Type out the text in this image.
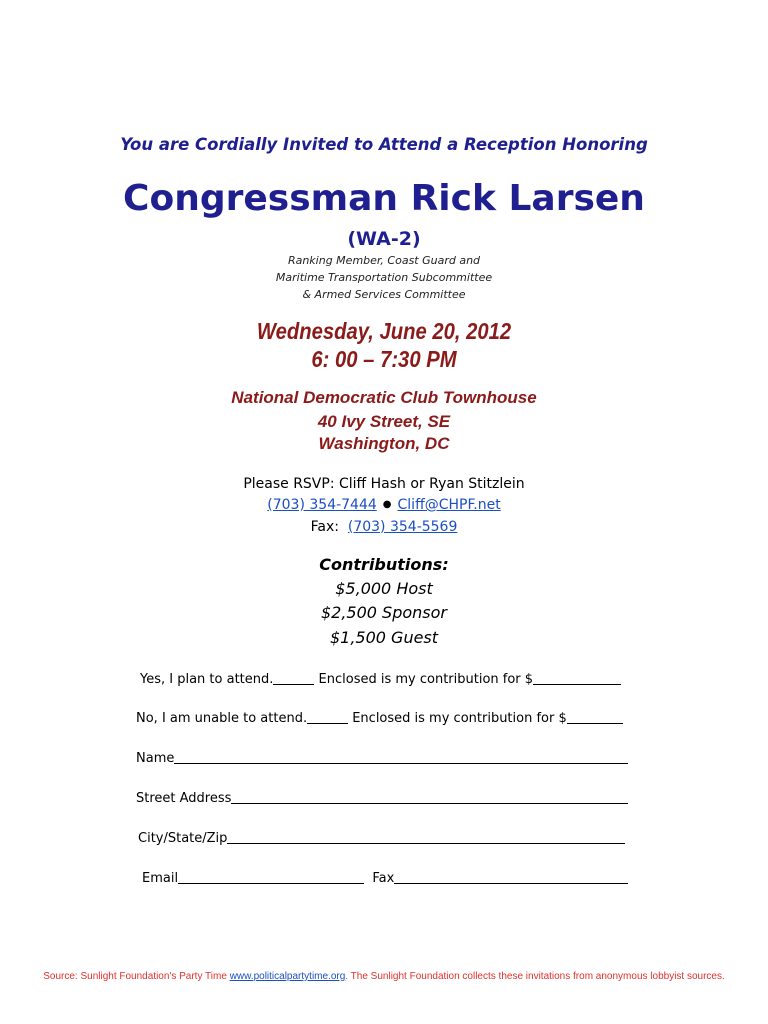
You are Cordially Invited to Attend a Reception Honoring
Congressman Rick Larsen
(WA-2)
Ranking Member, Coast Guard and
Maritime Transportation Subcommittee
& Armed Services Committee
Wednesday, June 20, 2012
6: 00 – 7:30 PM
National Democratic Club Townhouse
40 Ivy Street, SE
Washington, DC
Please RSVP: Cliff Hash or Ryan Stitzlein
(703) 354-7444 ● Cliff@CHPF.net
Fax: (703) 354-5569
Contributions:
$5,000 Host
$2,500 Sponsor
$1,500 Guest
Yes, I plan to attend.	Enclosed is my contribution for $
No, I am unable to attend.	Enclosed is my contribution for $
Name
Street Address
City/State/Zip
Email	Fax
Source: Sunlight Foundation's Party Time www.politicalpartytime.org. The Sunlight Foundation collects these invitations from anonymous lobbyist sources.
